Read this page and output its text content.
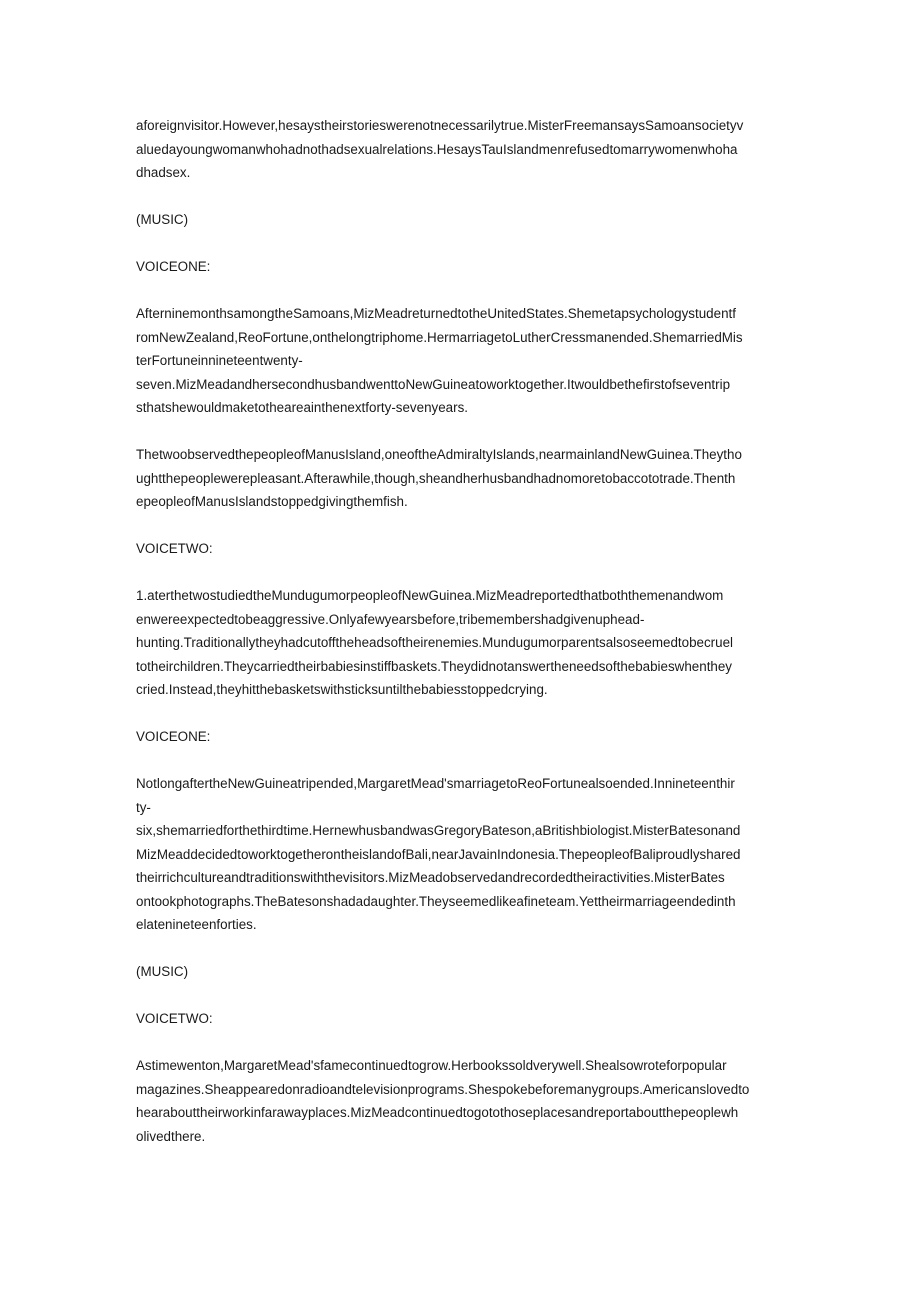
aforeignvisitor.However,hesaystheirstorieswerenotnecessarilytrue.MisterFreemansaysSamoansocietyv
aluedayoungwomanwhohadnothadsexualrelations.HesaysTauIslandmenrefusedtomarrywomenwhoha
dhadsex.
(MUSIC)
VOICEONE:
AfterninemonthsamongtheSamoans,MizMeadreturnedtotheUnitedStates.Shemetapsychologystudentf
romNewZealand,ReoFortune,onthelongtriphome.HermarriagetoLutherCressmanended.ShemarriedMis
terFortuneinnineteentwenty-
seven.MizMeadandhersecondhusbandwenttoNewGuineatoworktogether.Itwouldbethefirstofseventrip
sthatshewouldmaketotheareainthenextforty-sevenyears.
ThetwoobservedthepeopleofManusIsland,oneoftheAdmiraltyIslands,nearmainlandNewGuinea.Theytho
ughtthepeoplewerepleasant.Afterawhile,though,sheandherhusbandhadnomoretobaccototrade.Thenth
epeopleofManusIslandstoppedgivingthemfish.
VOICETWO:
1.aterthetwostudiedtheMundugumorpeopleofNewGuinea.MizMeadreportedthatboththemenandwom
enwereexpectedtobeaggressive.Onlyafewyearsbefore,tribemembershadgivenuphead-
hunting.Traditionallytheyhadcutofftheheadsoftheirenemies.Mundugumorparentsalsoseemedtobecruel
totheirchildren.Theycarriedtheirbabiesinstiffbaskets.Theydidnotanswertheneedsofthebabieswhenthey
cried.Instead,theyhitthebasketswithsticksuntilthebabiesstoppedcrying.
VOICEONE:
NotlongaftertheNewGuineatripended,MargaretMead'smarriagetoReoFortunealsoended.Innineteenthir
ty-
six,shemarriedforthethirdtime.HernewhusbandwasGregoryBateson,aBritishbiologist.MisterBatesonand
MizMeaddecidedtoworktogetherontheislandofBali,nearJavainIndonesia.ThepeopleofBaliproudlyshared
theirrichcultureandtraditionswiththevisitors.MizMeadobservedandrecordedtheiractivities.MisterBates
ontookphotographs.TheBatesonshadadaughter.Theyseemedlikeafineteam.Yettheirmarriageendedinth
elatenineteenforties.
(MUSIC)
VOICETWO:
Astimewenton,MargaretMead'sfamecontinuedtogrow.Herbookssoldverywell.Shealsowroteforpopular
magazines.Sheappearedonradioandtelevisionprograms.Shespokebeforemanygroups.Americanslovedto
hearabouttheirworkinfarawayplaces.MizMeadcontinuedtogotothoseplacesandreportaboutthepeoplewh
olivedthere.
